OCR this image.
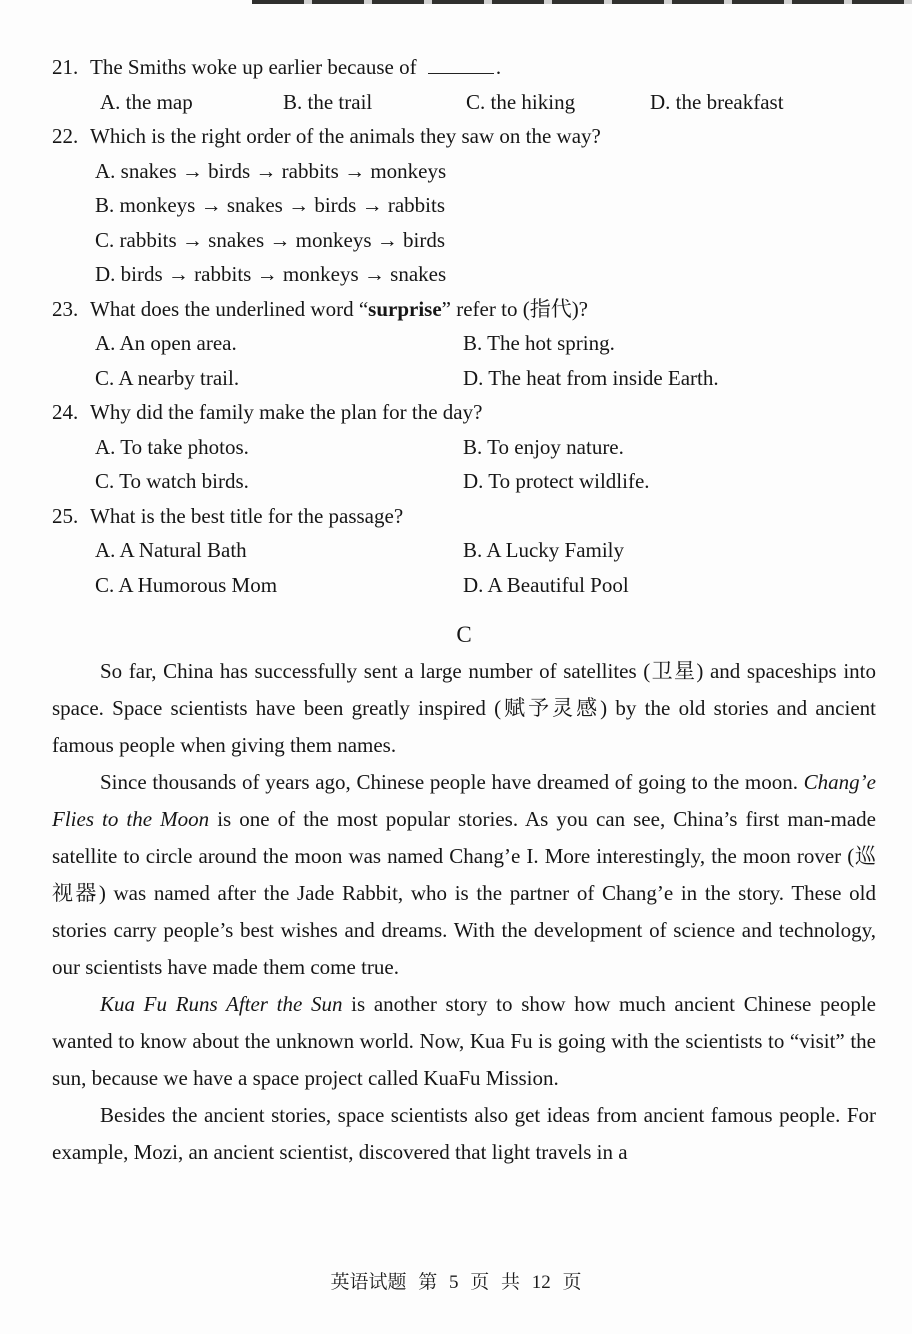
21. The Smiths woke up earlier because of	.
A. the map	B. the trail	C. the hiking	D. the breakfast
22. Which is the right order of the animals they saw on the way?
A. snakes → birds → rabbits → monkeys
B. monkeys → snakes → birds → rabbits
C. rabbits → snakes → monkeys → birds
D. birds → rabbits → monkeys → snakes
23. What does the underlined word “surprise” refer to (指代)?
A. An open area.	B. The hot spring.
C. A nearby trail.	D. The heat from inside Earth.
24. Why did the family make the plan for the day?
A. To take photos.	B. To enjoy nature.
C. To watch birds.	D. To protect wildlife.
25. What is the best title for the passage?
A. A Natural Bath	B. A Lucky Family
C. A Humorous Mom	D. A Beautiful Pool
C

So far, China has successfully sent a large number of satellites (卫星) and spaceships into space. Space scientists have been greatly inspired (赋予灵感) by the old stories and ancient famous people when giving them names.

Since thousands of years ago, Chinese people have dreamed of going to the moon. Chang’e Flies to the Moon is one of the most popular stories. As you can see, China’s first man-made satellite to circle around the moon was named Chang’e I. More interestingly, the moon rover (巡视器) was named after the Jade Rabbit, who is the partner of Chang’e in the story. These old stories carry people’s best wishes and dreams. With the development of science and technology, our scientists have made them come true.

Kua Fu Runs After the Sun is another story to show how much ancient Chinese people wanted to know about the unknown world. Now, Kua Fu is going with the scientists to “visit” the sun, because we have a space project called KuaFu Mission.

Besides the ancient stories, space scientists also get ideas from ancient famous people. For example, Mozi, an ancient scientist, discovered that light travels in a

英语试题 第 5 页 共 12 页
